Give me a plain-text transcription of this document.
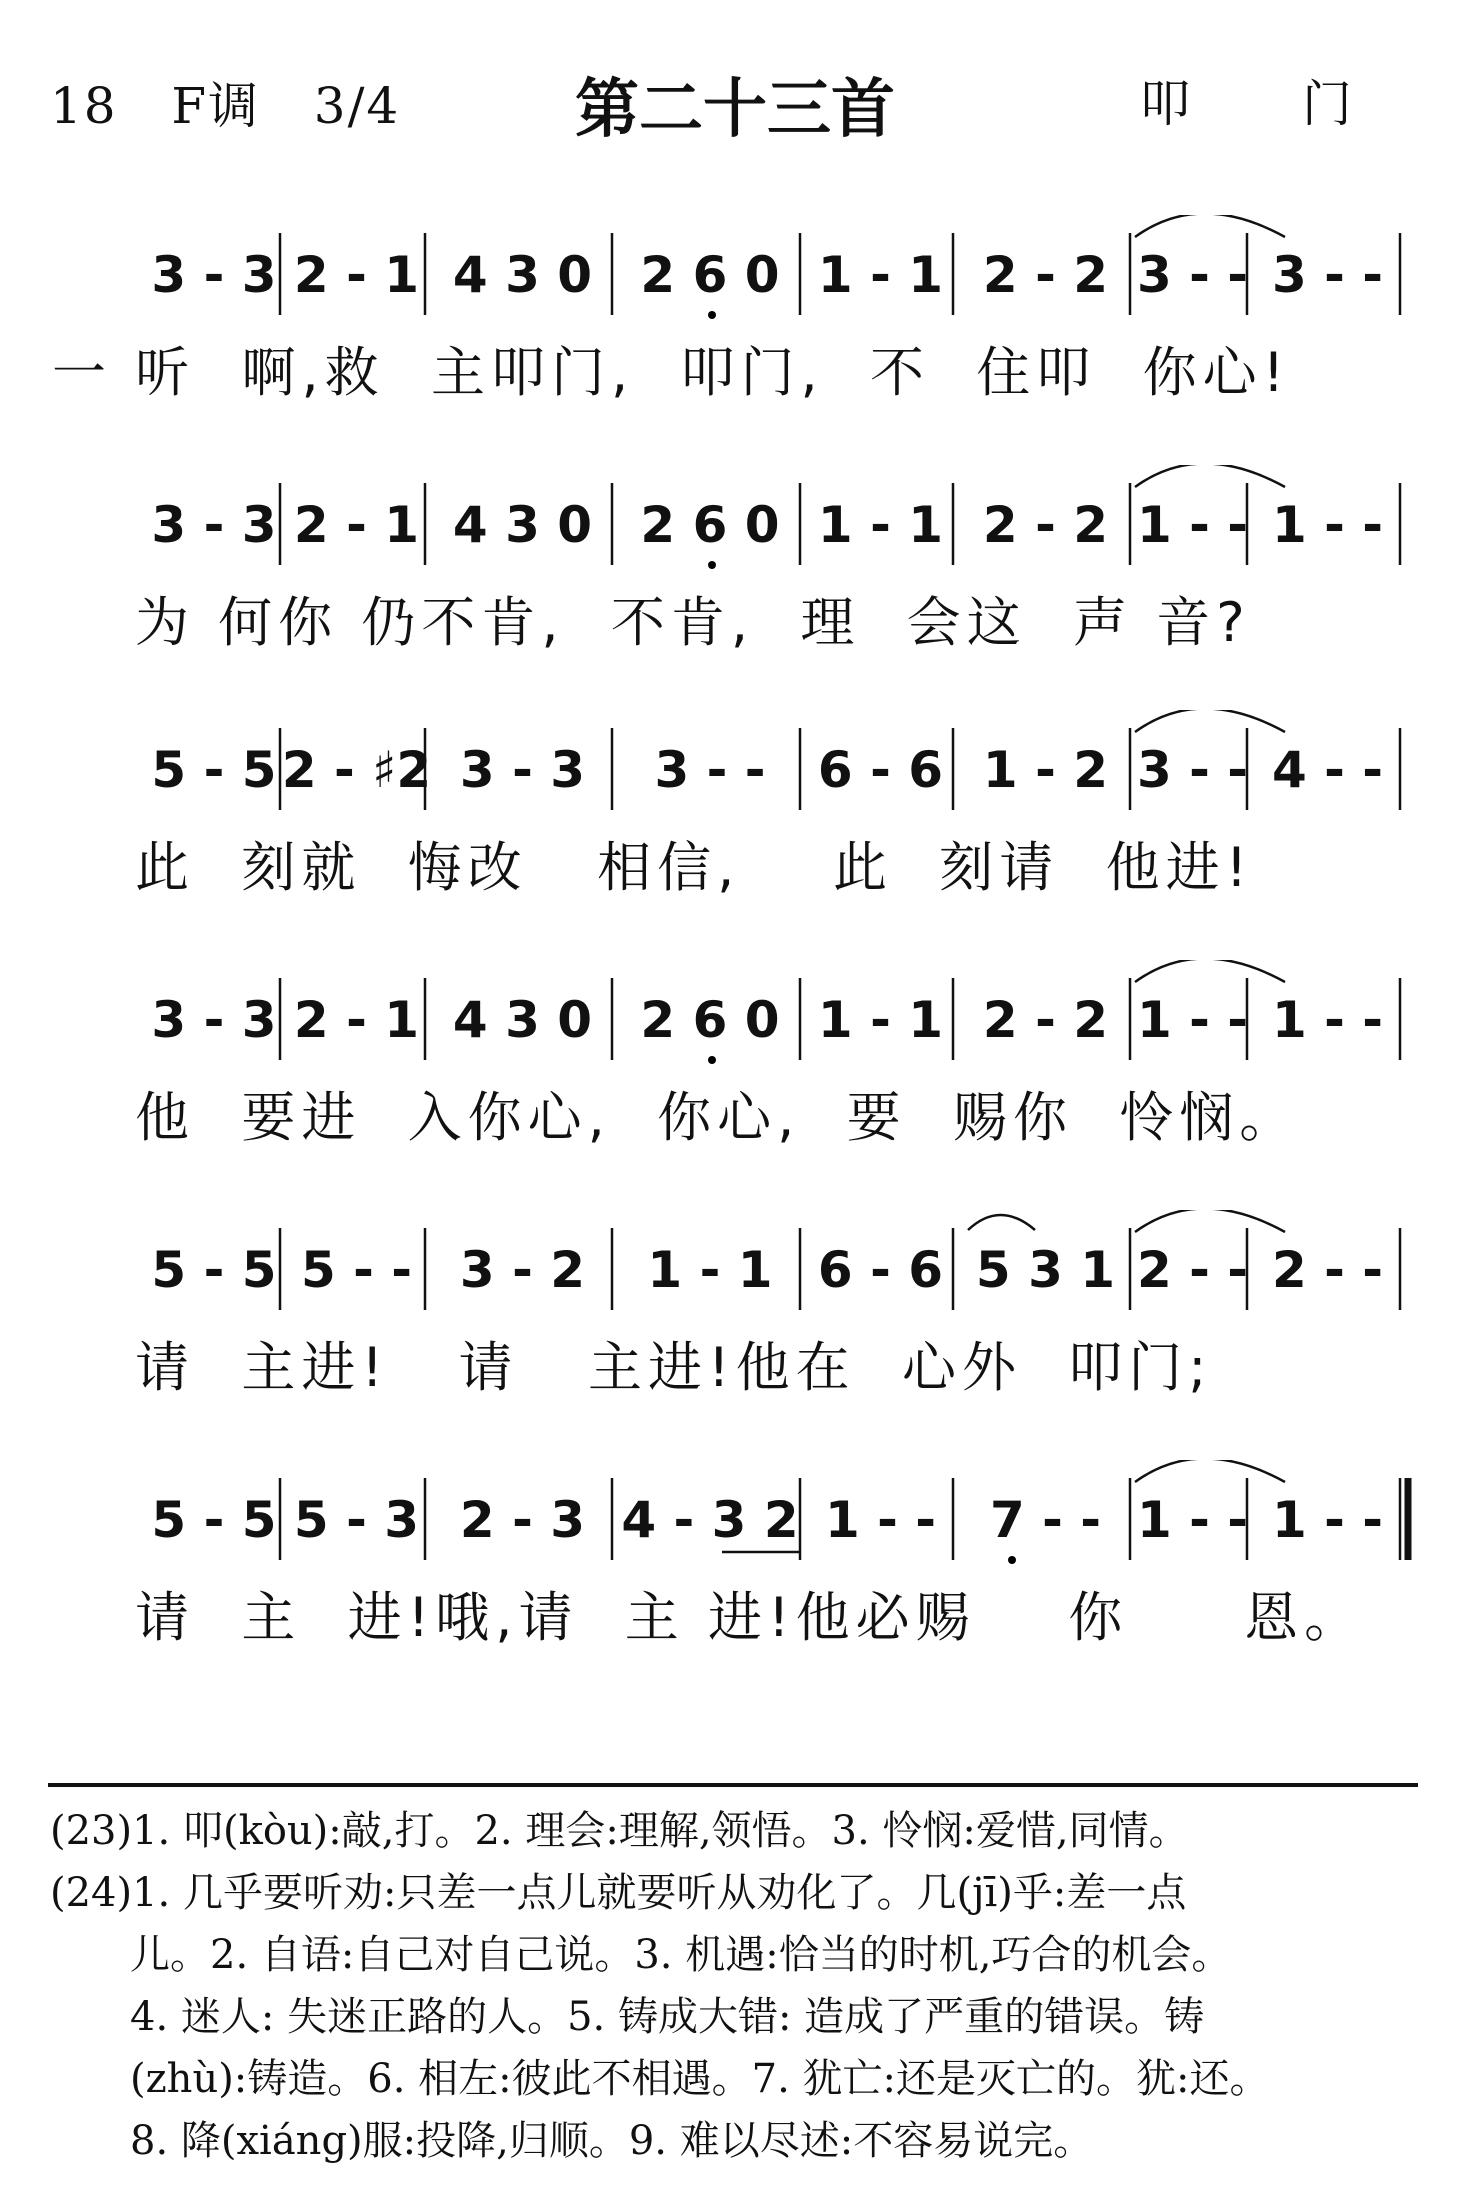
18 F调 3/4	第二十三首	叩 门
3 - 3 2 - 1 4 3 0 2 6 0 1 - 1 2 - 2 3 - - 3 - -
一 听  啊,救  主叩门,  叩门,  不  住叩  你心!
3 - 3 2 - 1 4 3 0 2 6 0 1 - 1 2 - 2 1 - - 1 - -
为 何你 仍不肯,  不肯,  理  会这  声 音?
5 - 5 2 - ♯2 3 - 3 3 - - 6 - 6 1 - 2 3 - - 4 - -
此  刻就  悔改   相信,    此  刻请  他进!
3 - 3 2 - 1 4 3 0 2 6 0 1 - 1 2 - 2 1 - - 1 - -
他  要进  入你心,  你心,  要  赐你  怜悯。
5 - 5 5 - - 3 - 2 1 - 1 6 - 6 5 3 1 2 - - 2 - -
请  主进!   请   主进!他在  心外  叩门;
5 - 5 5 - 3 2 - 3 4 - 3 2 1 - - 7 - - 1 - - 1 - -
请  主  进!哦,请  主 进!他必赐    你     恩。
(23)1. 叩(kòu):敲,打。2. 理会:理解,领悟。3. 怜悯:爱惜,同情。
(24)1. 几乎要听劝:只差一点儿就要听从劝化了。几(jī)乎:差一点
儿。2. 自语:自己对自己说。3. 机遇:恰当的时机,巧合的机会。
4. 迷人: 失迷正路的人。5. 铸成大错: 造成了严重的错误。铸
(zhù):铸造。6. 相左:彼此不相遇。7. 犹亡:还是灭亡的。犹:还。
8. 降(xiáng)服:投降,归顺。9. 难以尽述:不容易说完。
